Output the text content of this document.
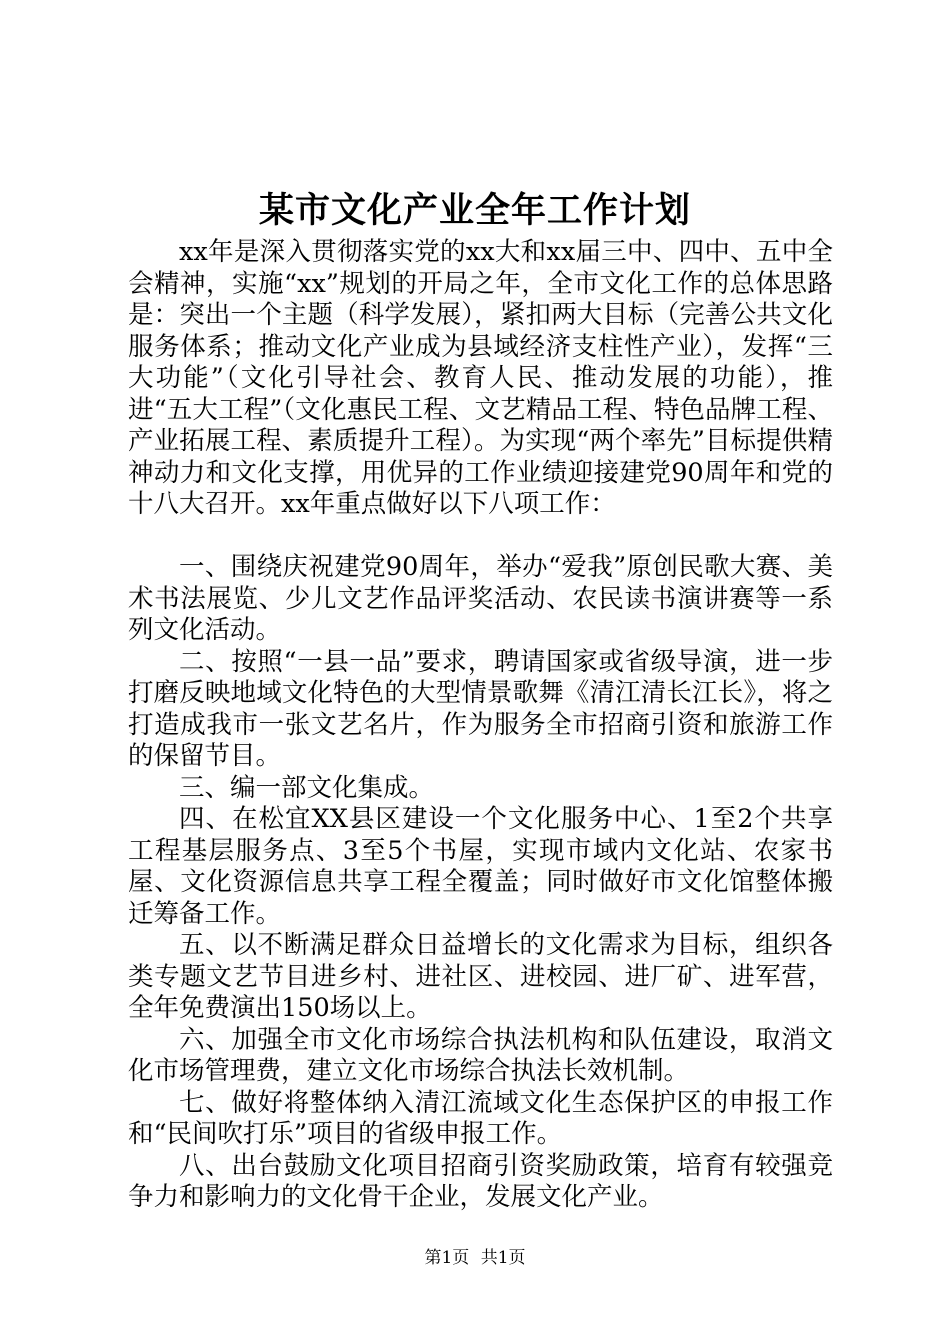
某市文化产业全年工作计划

xx年是深入贯彻落实党的xx大和xx届三中、四中、五中全会精神，实施“xx”规划的开局之年，全市文化工作的总体思路是：突出一个主题（科学发展），紧扣两大目标（完善公共文化服务体系；推动文化产业成为县域经济支柱性产业），发挥“三大功能”（文化引导社会、教育人民、推动发展的功能），推进“五大工程”（文化惠民工程、文艺精品工程、特色品牌工程、产业拓展工程、素质提升工程）。为实现“两个率先”目标提供精神动力和文化支撑，用优异的工作业绩迎接建党90周年和党的十八大召开。xx年重点做好以下八项工作：

一、围绕庆祝建党90周年，举办“爱我”原创民歌大赛、美术书法展览、少儿文艺作品评奖活动、农民读书演讲赛等一系列文化活动。

二、按照“一县一品”要求，聘请国家或省级导演，进一步打磨反映地域文化特色的大型情景歌舞《清江清长江长》，将之打造成我市一张文艺名片，作为服务全市招商引资和旅游工作的保留节目。

三、编一部文化集成。

四、在松宜XX县区建设一个文化服务中心、1至2个共享工程基层服务点、3至5个书屋，实现市域内文化站、农家书屋、文化资源信息共享工程全覆盖；同时做好市文化馆整体搬迁筹备工作。

五、以不断满足群众日益增长的文化需求为目标，组织各类专题文艺节目进乡村、进社区、进校园、进厂矿、进军营，全年免费演出150场以上。

六、加强全市文化市场综合执法机构和队伍建设，取消文化市场管理费，建立文化市场综合执法长效机制。

七、做好将整体纳入清江流域文化生态保护区的申报工作和“民间吹打乐”项目的省级申报工作。

八、出台鼓励文化项目招商引资奖励政策，培育有较强竞争力和影响力的文化骨干企业，发展文化产业。

第1页 共1页
